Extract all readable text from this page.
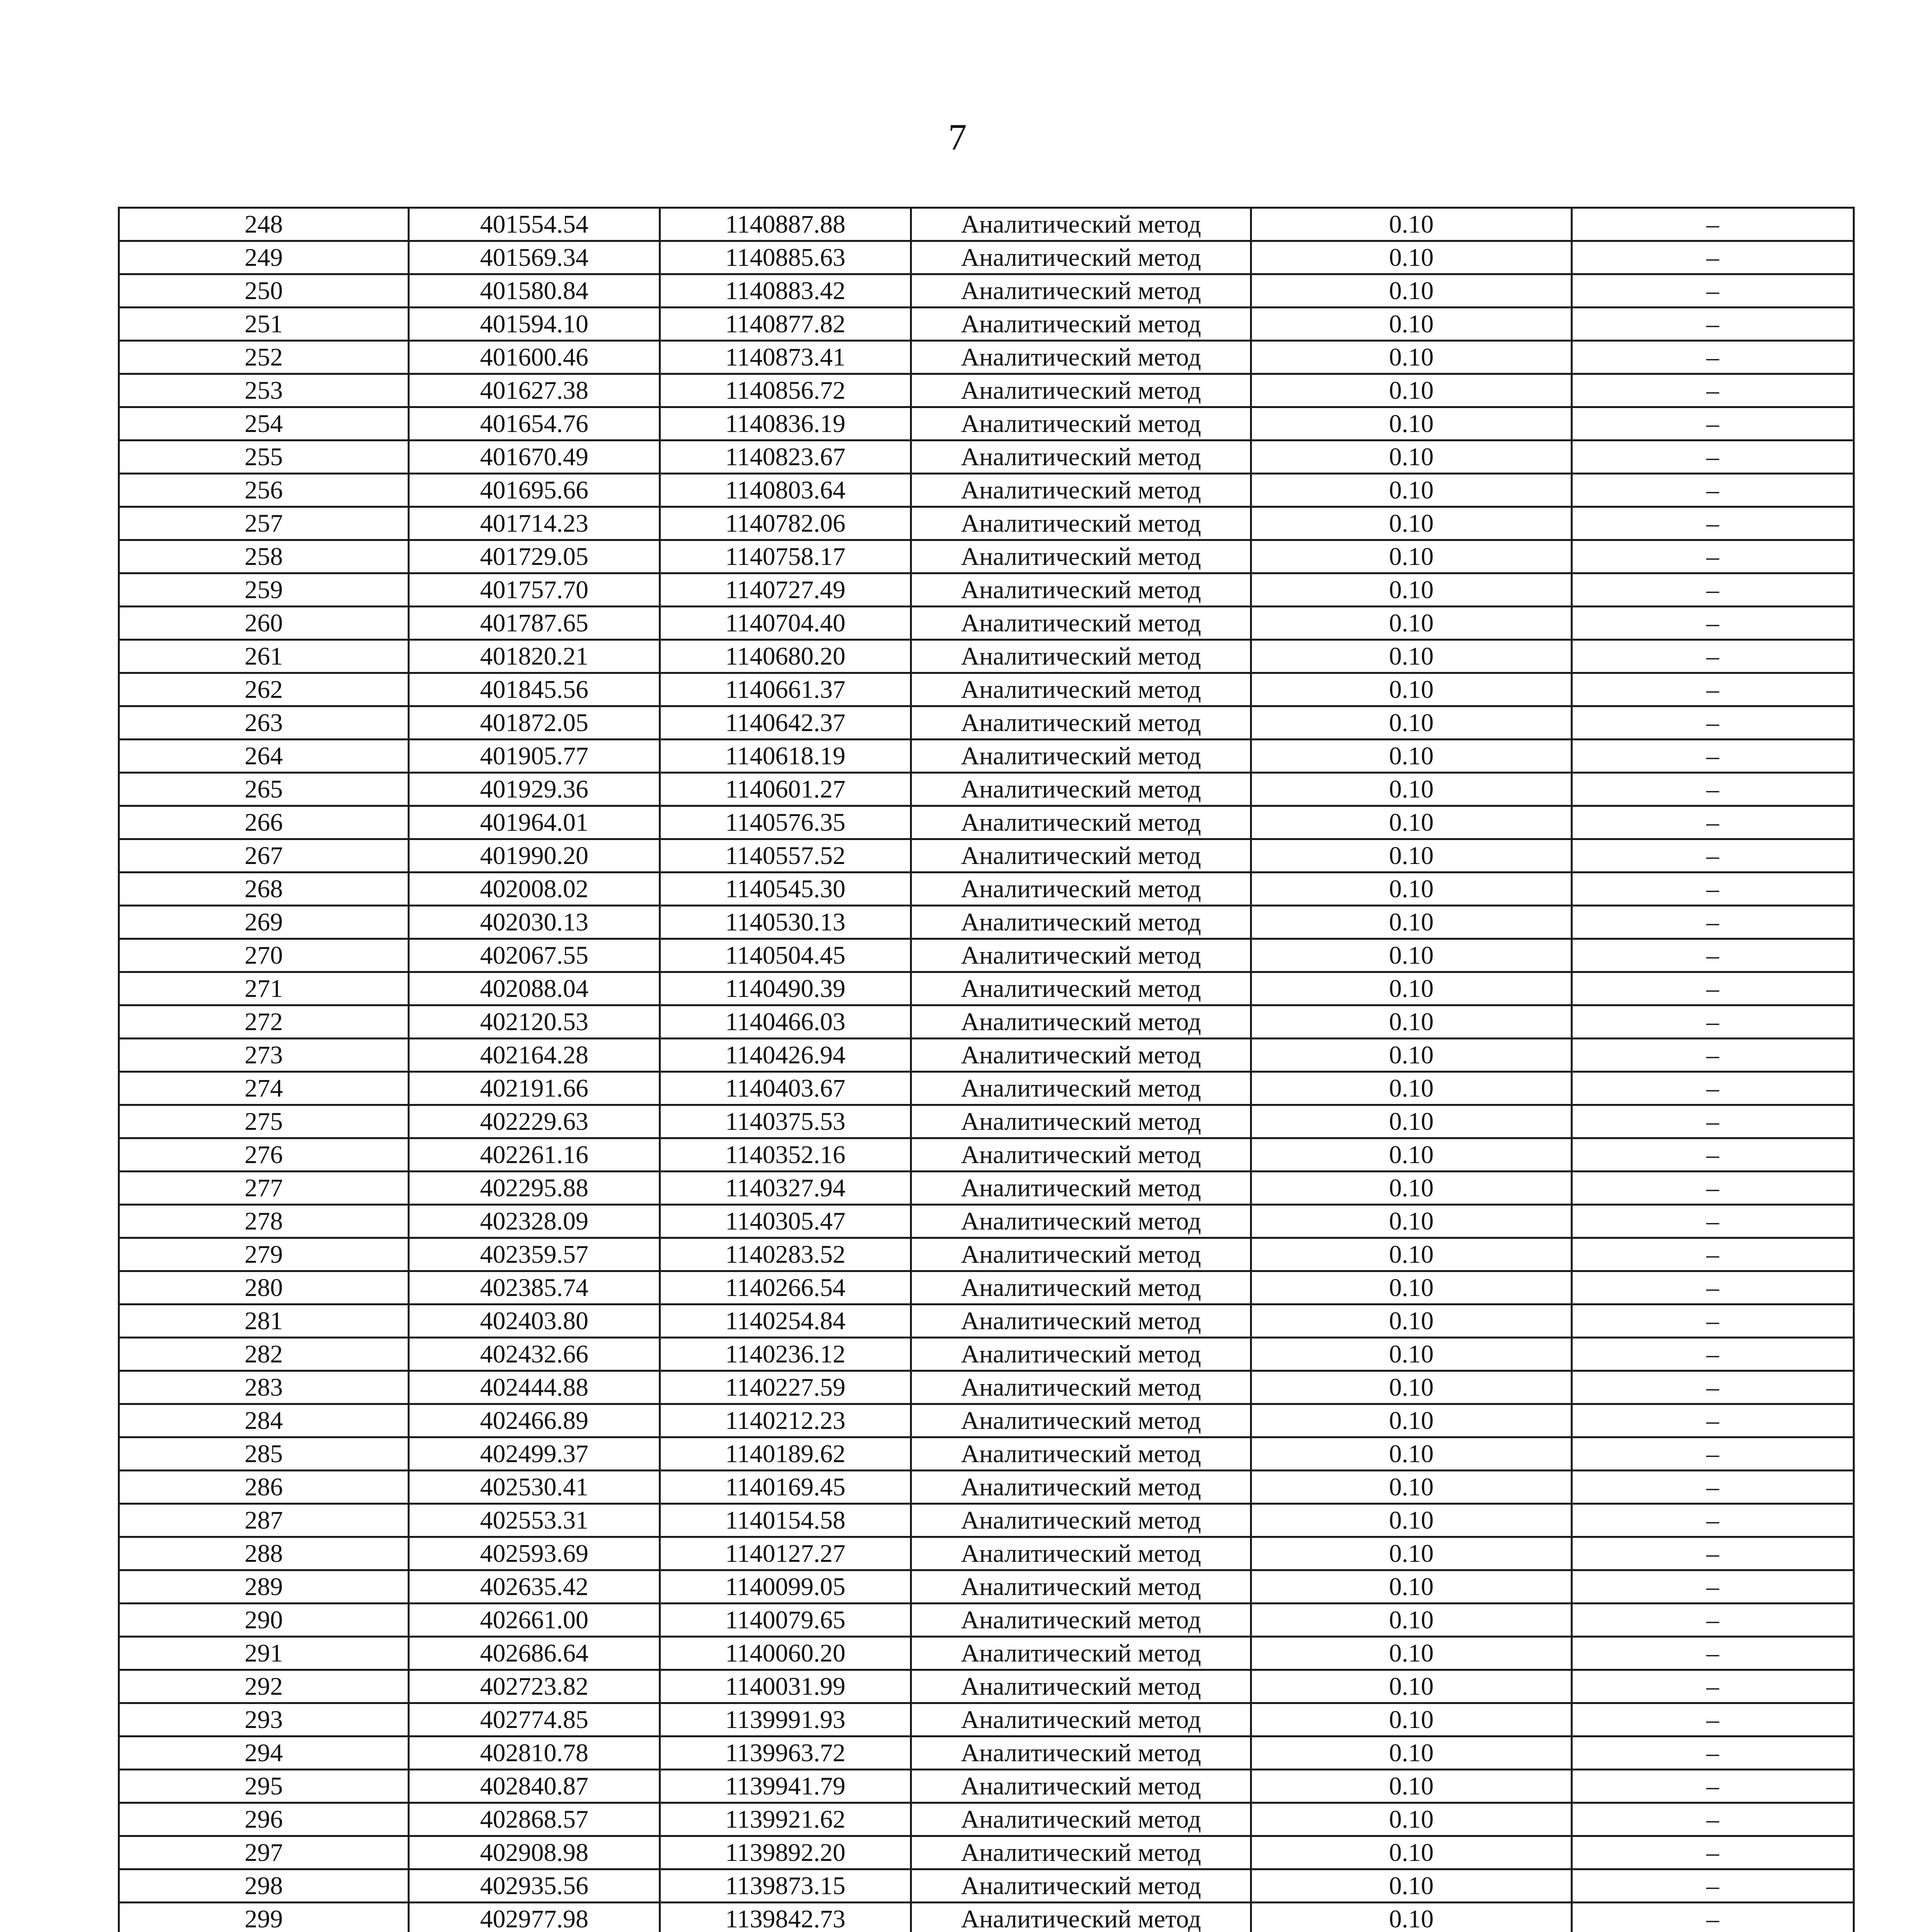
7
248	401554.54	1140887.88	Аналитический метод	0.10	–
249	401569.34	1140885.63	Аналитический метод	0.10	–
250	401580.84	1140883.42	Аналитический метод	0.10	–
251	401594.10	1140877.82	Аналитический метод	0.10	–
252	401600.46	1140873.41	Аналитический метод	0.10	–
253	401627.38	1140856.72	Аналитический метод	0.10	–
254	401654.76	1140836.19	Аналитический метод	0.10	–
255	401670.49	1140823.67	Аналитический метод	0.10	–
256	401695.66	1140803.64	Аналитический метод	0.10	–
257	401714.23	1140782.06	Аналитический метод	0.10	–
258	401729.05	1140758.17	Аналитический метод	0.10	–
259	401757.70	1140727.49	Аналитический метод	0.10	–
260	401787.65	1140704.40	Аналитический метод	0.10	–
261	401820.21	1140680.20	Аналитический метод	0.10	–
262	401845.56	1140661.37	Аналитический метод	0.10	–
263	401872.05	1140642.37	Аналитический метод	0.10	–
264	401905.77	1140618.19	Аналитический метод	0.10	–
265	401929.36	1140601.27	Аналитический метод	0.10	–
266	401964.01	1140576.35	Аналитический метод	0.10	–
267	401990.20	1140557.52	Аналитический метод	0.10	–
268	402008.02	1140545.30	Аналитический метод	0.10	–
269	402030.13	1140530.13	Аналитический метод	0.10	–
270	402067.55	1140504.45	Аналитический метод	0.10	–
271	402088.04	1140490.39	Аналитический метод	0.10	–
272	402120.53	1140466.03	Аналитический метод	0.10	–
273	402164.28	1140426.94	Аналитический метод	0.10	–
274	402191.66	1140403.67	Аналитический метод	0.10	–
275	402229.63	1140375.53	Аналитический метод	0.10	–
276	402261.16	1140352.16	Аналитический метод	0.10	–
277	402295.88	1140327.94	Аналитический метод	0.10	–
278	402328.09	1140305.47	Аналитический метод	0.10	–
279	402359.57	1140283.52	Аналитический метод	0.10	–
280	402385.74	1140266.54	Аналитический метод	0.10	–
281	402403.80	1140254.84	Аналитический метод	0.10	–
282	402432.66	1140236.12	Аналитический метод	0.10	–
283	402444.88	1140227.59	Аналитический метод	0.10	–
284	402466.89	1140212.23	Аналитический метод	0.10	–
285	402499.37	1140189.62	Аналитический метод	0.10	–
286	402530.41	1140169.45	Аналитический метод	0.10	–
287	402553.31	1140154.58	Аналитический метод	0.10	–
288	402593.69	1140127.27	Аналитический метод	0.10	–
289	402635.42	1140099.05	Аналитический метод	0.10	–
290	402661.00	1140079.65	Аналитический метод	0.10	–
291	402686.64	1140060.20	Аналитический метод	0.10	–
292	402723.82	1140031.99	Аналитический метод	0.10	–
293	402774.85	1139991.93	Аналитический метод	0.10	–
294	402810.78	1139963.72	Аналитический метод	0.10	–
295	402840.87	1139941.79	Аналитический метод	0.10	–
296	402868.57	1139921.62	Аналитический метод	0.10	–
297	402908.98	1139892.20	Аналитический метод	0.10	–
298	402935.56	1139873.15	Аналитический метод	0.10	–
299	402977.98	1139842.73	Аналитический метод	0.10	–
